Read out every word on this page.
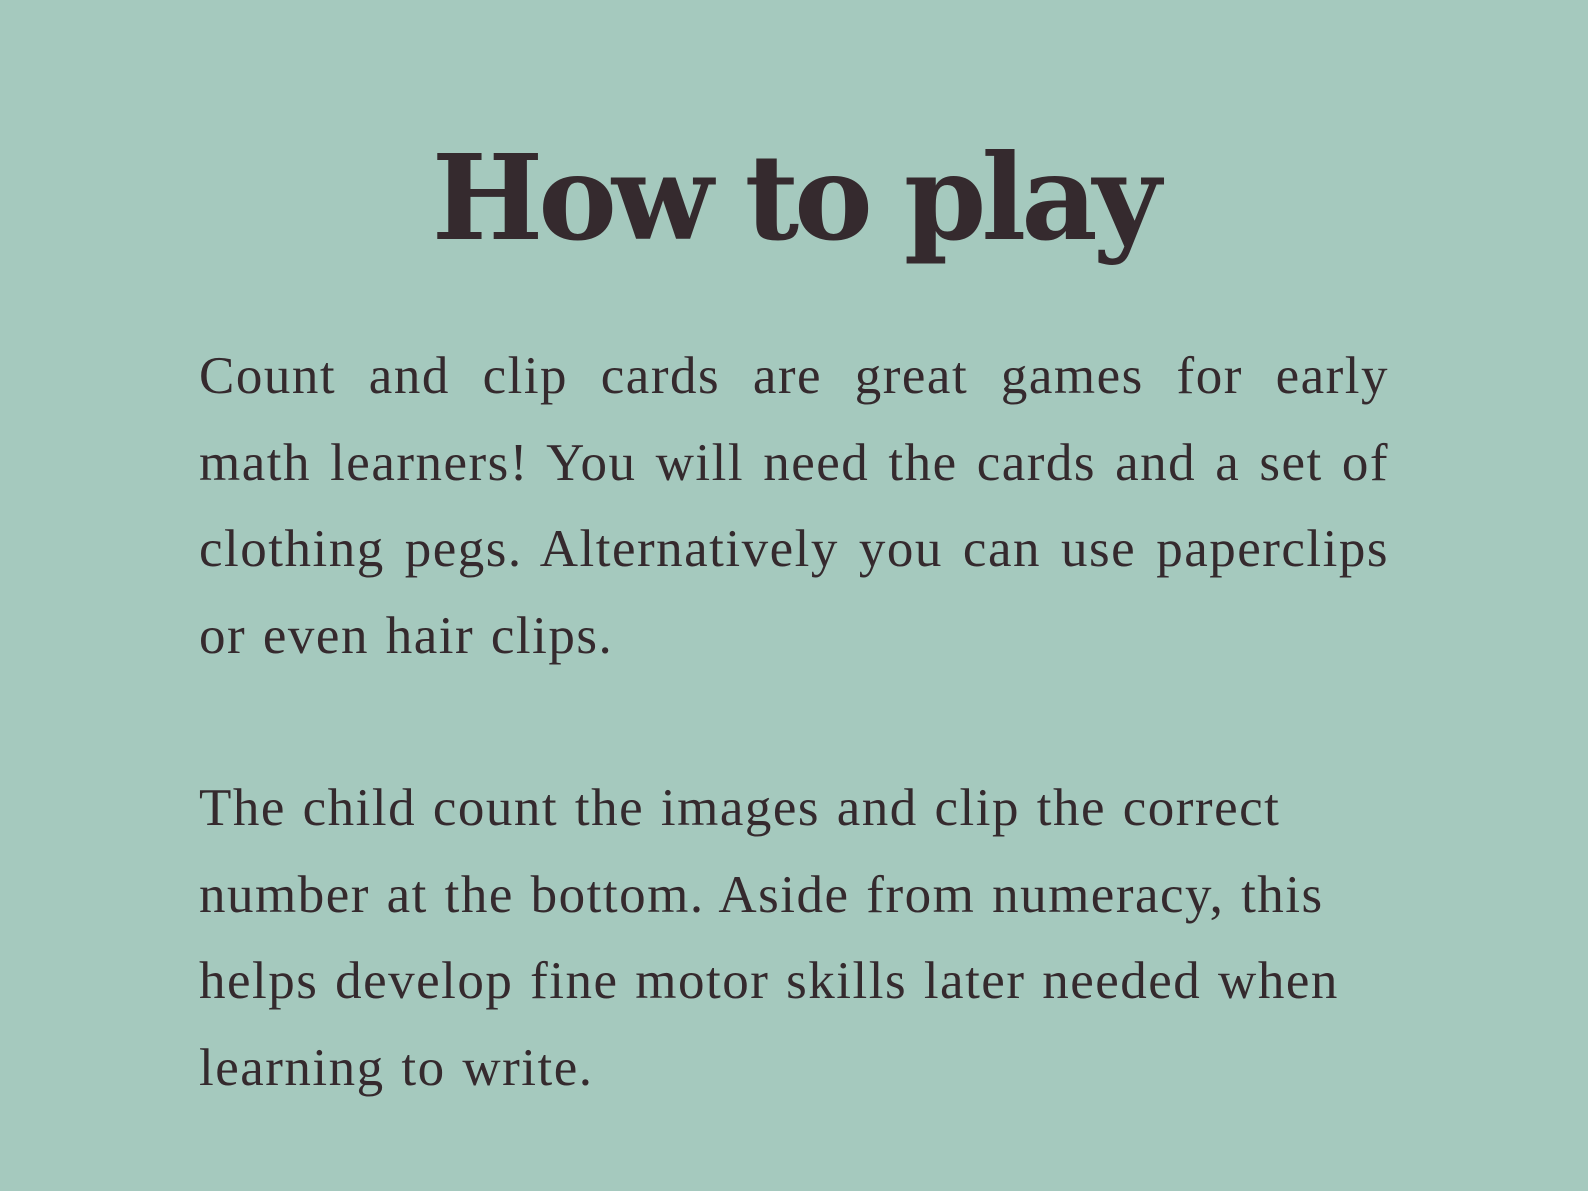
How to play

Count and clip cards are great games for early math learners! You will need the cards and a set of clothing pegs. Alternatively you can use paperclips or even hair clips.

The child count the images and clip the correct number at the bottom. Aside from numeracy, this helps develop fine motor skills later needed when learning to write.
